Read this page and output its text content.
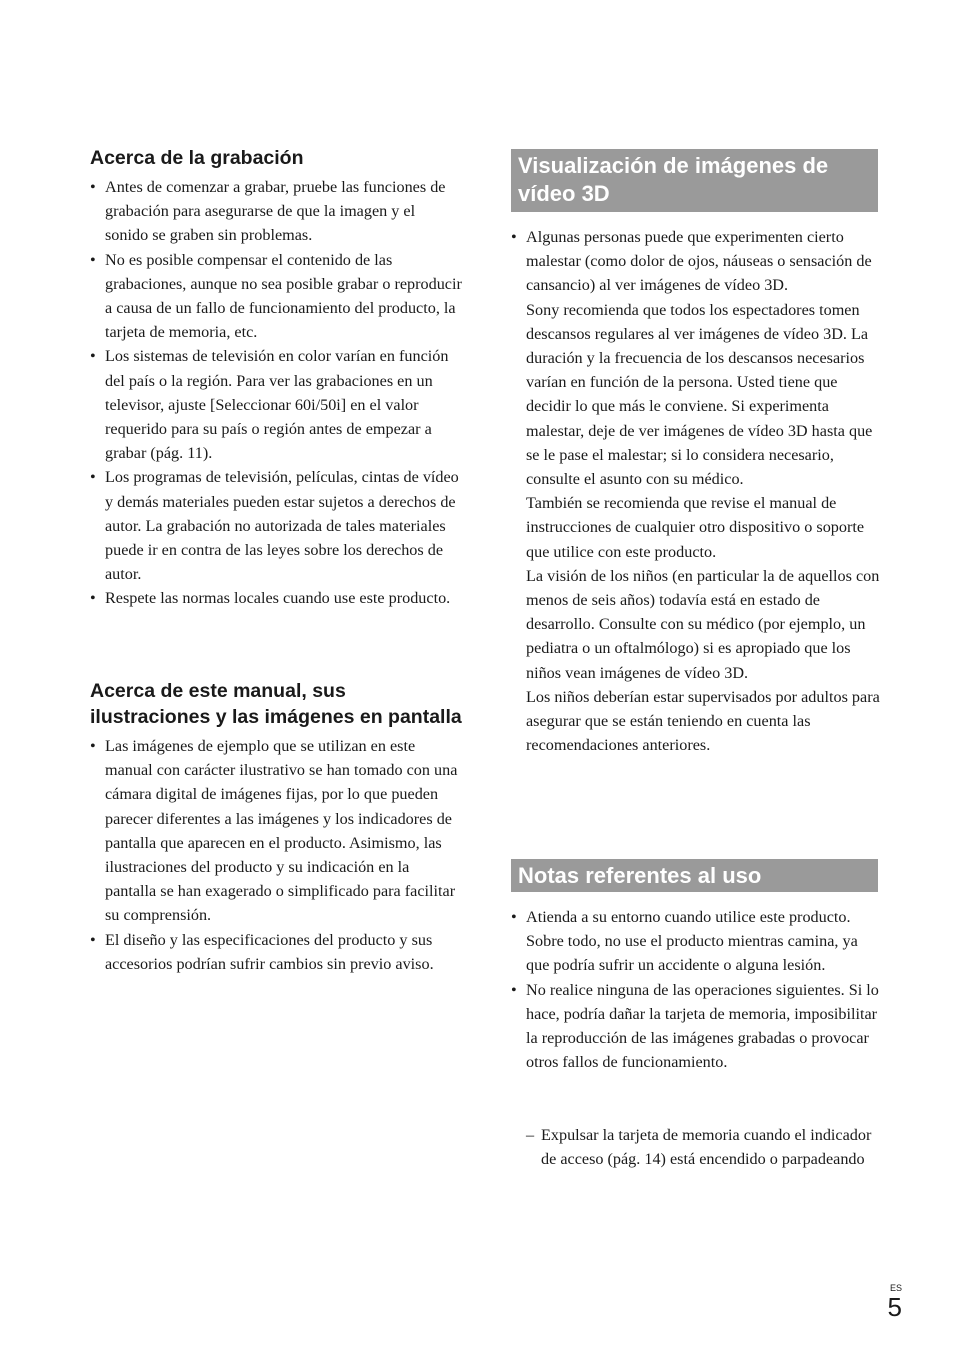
Acerca de la grabación
• Antes de comenzar a grabar, pruebe las funciones de grabación para asegurarse de que la imagen y el sonido se graben sin problemas.
• No es posible compensar el contenido de las grabaciones, aunque no sea posible grabar o reproducir a causa de un fallo de funcionamiento del producto, la tarjeta de memoria, etc.
• Los sistemas de televisión en color varían en función del país o la región. Para ver las grabaciones en un televisor, ajuste [Seleccionar 60i/50i] en el valor requerido para su país o región antes de empezar a grabar (pág. 11).
• Los programas de televisión, películas, cintas de vídeo y demás materiales pueden estar sujetos a derechos de autor. La grabación no autorizada de tales materiales puede ir en contra de las leyes sobre los derechos de autor.
• Respete las normas locales cuando use este producto.
Acerca de este manual, sus ilustraciones y las imágenes en pantalla
• Las imágenes de ejemplo que se utilizan en este manual con carácter ilustrativo se han tomado con una cámara digital de imágenes fijas, por lo que pueden parecer diferentes a las imágenes y los indicadores de pantalla que aparecen en el producto. Asimismo, las ilustraciones del producto y su indicación en la pantalla se han exagerado o simplificado para facilitar su comprensión.
• El diseño y las especificaciones del producto y sus accesorios podrían sufrir cambios sin previo aviso.
Visualización de imágenes de vídeo 3D
• Algunas personas puede que experimenten cierto malestar (como dolor de ojos, náuseas o sensación de cansancio) al ver imágenes de vídeo 3D.
Sony recomienda que todos los espectadores tomen descansos regulares al ver imágenes de vídeo 3D. La duración y la frecuencia de los descansos necesarios varían en función de la persona. Usted tiene que decidir lo que más le conviene. Si experimenta malestar, deje de ver imágenes de vídeo 3D hasta que se le pase el malestar; si lo considera necesario, consulte el asunto con su médico.
También se recomienda que revise el manual de instrucciones de cualquier otro dispositivo o soporte que utilice con este producto.
La visión de los niños (en particular la de aquellos con menos de seis años) todavía está en estado de desarrollo. Consulte con su médico (por ejemplo, un pediatra o un oftalmólogo) si es apropiado que los niños vean imágenes de vídeo 3D.
Los niños deberían estar supervisados por adultos para asegurar que se están teniendo en cuenta las recomendaciones anteriores.
Notas referentes al uso
• Atienda a su entorno cuando utilice este producto. Sobre todo, no use el producto mientras camina, ya que podría sufrir un accidente o alguna lesión.
• No realice ninguna de las operaciones siguientes. Si lo hace, podría dañar la tarjeta de memoria, imposibilitar la reproducción de las imágenes grabadas o provocar otros fallos de funcionamiento.
– Expulsar la tarjeta de memoria cuando el indicador de acceso (pág. 14) está encendido o parpadeando
ES
5
